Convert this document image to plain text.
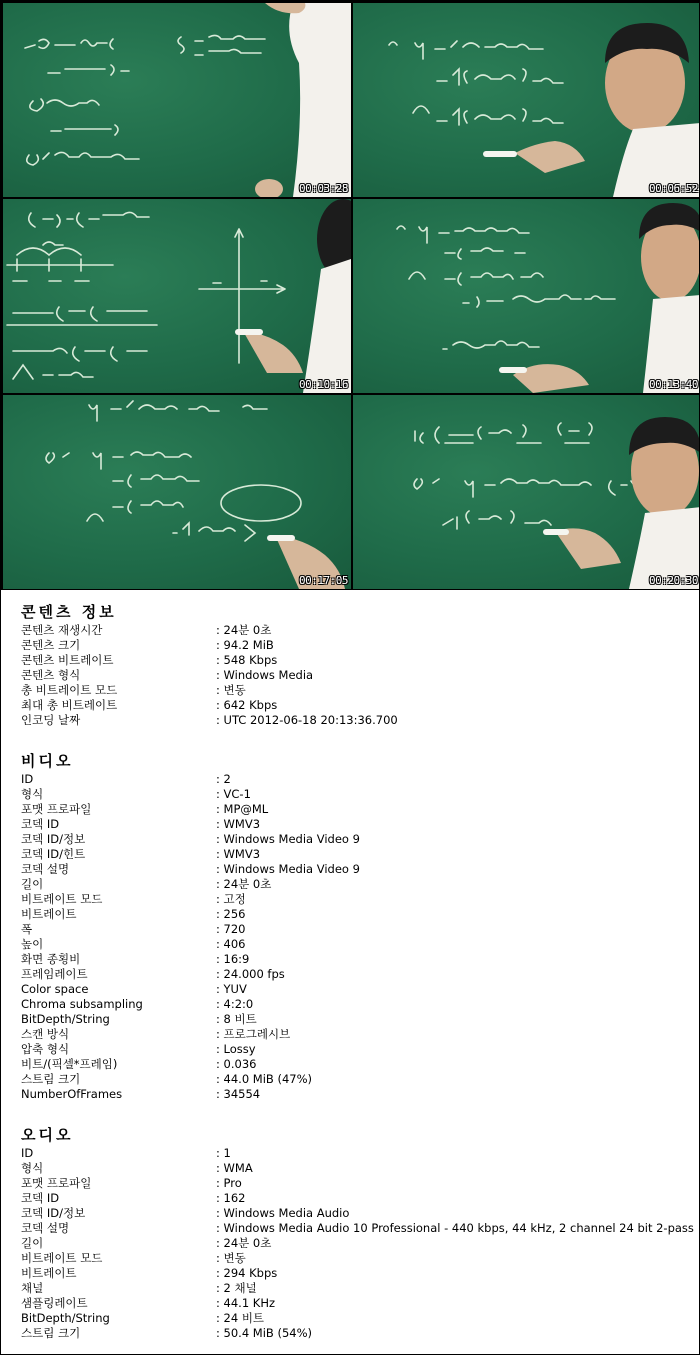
00:03:28	00:06:52
00:10:16	00:13:40
00:17:05	00:20:30
콘텐츠 정보
콘텐츠 재생시간	: 24분 0초
콘텐츠 크기	: 94.2 MiB
콘텐츠 비트레이트	: 548 Kbps
콘텐츠 형식	: Windows Media
총 비트레이트 모드	: 변동
최대 총 비트레이트	: 642 Kbps
인코딩 날짜	: UTC 2012-06-18 20:13:36.700
비디오
ID	: 2
형식	: VC-1
포맷 프로파일	: MP@ML
코덱 ID	: WMV3
코덱 ID/정보	: Windows Media Video 9
코덱 ID/힌트	: WMV3
코덱 설명	: Windows Media Video 9
길이	: 24분 0초
비트레이트 모드	: 고정
비트레이트	: 256
폭	: 720
높이	: 406
화면 종횡비	: 16:9
프레임레이트	: 24.000 fps
Color space	: YUV
Chroma subsampling	: 4:2:0
BitDepth/String	: 8 비트
스캔 방식	: 프로그레시브
압축 형식	: Lossy
비트/(픽셀*프레임)	: 0.036
스트림 크기	: 44.0 MiB (47%)
NumberOfFrames	: 34554
오디오
ID	: 1
형식	: WMA
포맷 프로파일	: Pro
코덱 ID	: 162
코덱 ID/정보	: Windows Media Audio
코덱 설명	: Windows Media Audio 10 Professional - 440 kbps, 44 kHz, 2 channel 24 bit 2-pass
길이	: 24분 0초
비트레이트 모드	: 변동
비트레이트	: 294 Kbps
채널	: 2 채널
샘플링레이트	: 44.1 KHz
BitDepth/String	: 24 비트
스트림 크기	: 50.4 MiB (54%)
